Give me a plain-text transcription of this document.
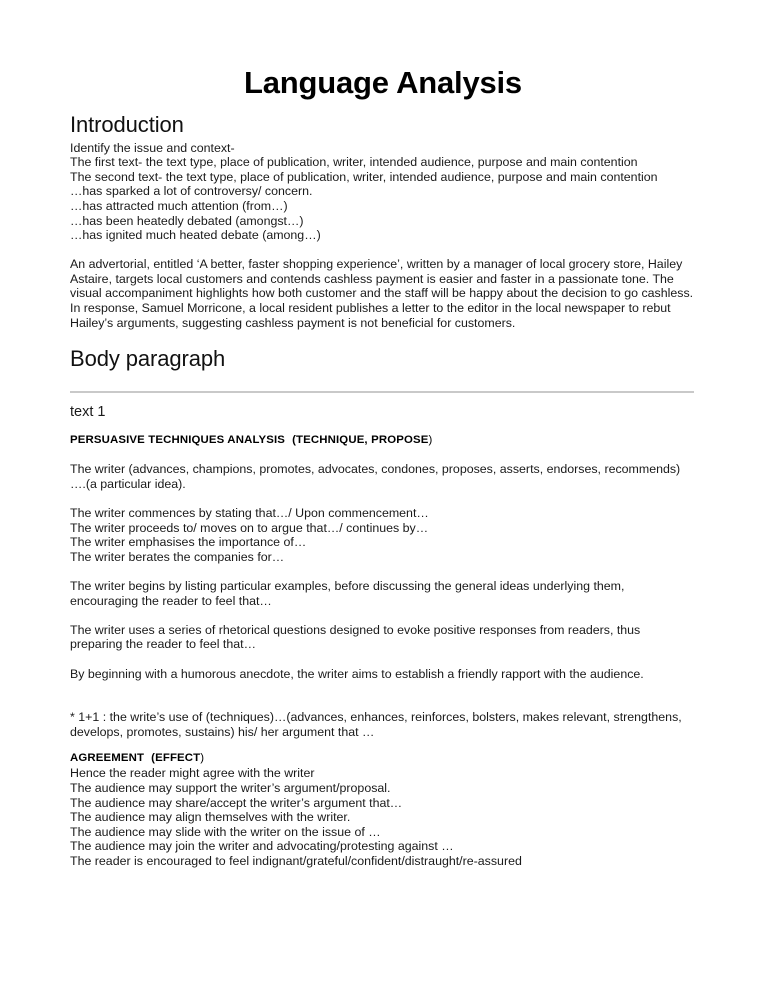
Language Analysis
Introduction

Identify the issue and context-

The first text- the text type, place of publication, writer, intended audience, purpose and main contention

The second text- the text type, place of publication, writer, intended audience, purpose and main contention

…has sparked a lot of controversy/ concern.

…has attracted much attention (from…)

…has been heatedly debated (amongst…)

…has ignited much heated debate (among…)

An advertorial, entitled ‘A better, faster shopping experience’, written by a manager of local grocery store, Hailey Astaire, targets local customers and contends cashless payment is easier and faster in a passionate tone. The visual accompaniment highlights how both customer and the staff will be happy about the decision to go cashless. In response, Samuel Morricone, a local resident publishes a letter to the editor in the local newspaper to rebut Hailey’s arguments, suggesting cashless payment is not beneficial for customers.

Body paragraph
text 1
PERSUASIVE TECHNIQUES ANALYSIS (TECHNIQUE, PROPOSE)

The writer (advances, champions, promotes, advocates, condones, proposes, asserts, endorses, recommends) ….(a particular idea).

The writer commences by stating that…/ Upon commencement…

The writer proceeds to/ moves on to argue that…/ continues by…

The writer emphasises the importance of…

The writer berates the companies for…

The writer begins by listing particular examples, before discussing the general ideas underlying them, encouraging the reader to feel that…

The writer uses a series of rhetorical questions designed to evoke positive responses from readers, thus preparing the reader to feel that…

By beginning with a humorous anecdote, the writer aims to establish a friendly rapport with the audience.

* 1+1 : the write’s use of (techniques)…(advances, enhances, reinforces, bolsters, makes relevant, strengthens, develops, promotes, sustains) his/ her argument that …

AGREEMENT (EFFECT)

Hence the reader might agree with the writer

The audience may support the writer’s argument/proposal.

The audience may share/accept the writer’s argument that…

The audience may align themselves with the writer.

The audience may slide with the writer on the issue of …

The audience may join the writer and advocating/protesting against …

The reader is encouraged to feel indignant/grateful/confident/distraught/re-assured
